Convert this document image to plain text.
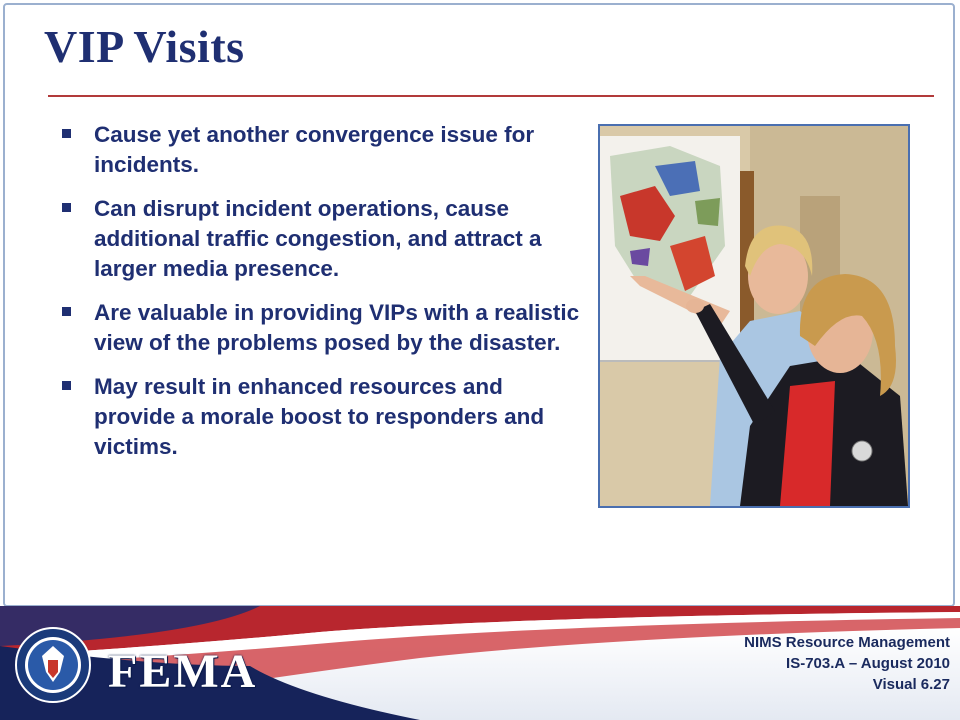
VIP Visits
Cause yet another convergence issue for incidents.
Can disrupt incident operations, cause additional traffic congestion, and attract a larger media presence.
Are valuable in providing VIPs with a realistic view of the problems posed by the disaster.
May result in enhanced resources and provide a morale boost to responders and victims.
FEMA
NIMS Resource Management
IS-703.A – August 2010
Visual 6.27
